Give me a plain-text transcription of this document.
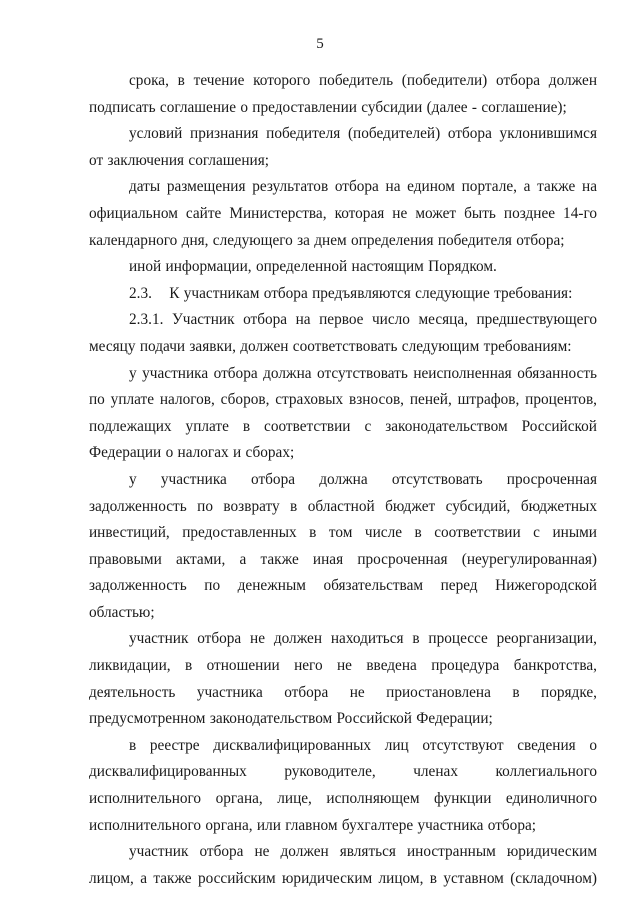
5

срока, в течение которого победитель (победители) отбора должен подписать соглашение о предоставлении субсидии (далее - соглашение);

условий признания победителя (победителей) отбора уклонившимся от заключения соглашения;

даты размещения результатов отбора на едином портале, а также на официальном сайте Министерства, которая не может быть позднее 14-го календарного дня, следующего за днем определения победителя отбора;

иной информации, определенной настоящим Порядком.

2.3.    К участникам отбора предъявляются следующие требования:

2.3.1. Участник отбора на первое число месяца, предшествующего месяцу подачи заявки, должен соответствовать следующим требованиям:

у участника отбора должна отсутствовать неисполненная обязанность по уплате налогов, сборов, страховых взносов, пеней, штрафов, процентов, подлежащих уплате в соответствии с законодательством Российской Федерации о налогах и сборах;

у участника отбора должна отсутствовать просроченная задолженность по возврату в областной бюджет субсидий, бюджетных инвестиций, предоставленных в том числе в соответствии с иными правовыми актами, а также иная просроченная (неурегулированная) задолженность по денежным обязательствам перед Нижегородской областью;

участник отбора не должен находиться в процессе реорганизации, ликвидации, в отношении него не введена процедура банкротства, деятельность участника отбора не приостановлена в порядке, предусмотренном законодательством Российской Федерации;

в реестре дисквалифицированных лиц отсутствуют сведения о дисквалифицированных руководителе, членах коллегиального исполнительного органа, лице, исполняющем функции единоличного исполнительного органа, или главном бухгалтере участника отбора;

участник отбора не должен являться иностранным юридическим лицом, а также российским юридическим лицом, в уставном (складочном)
